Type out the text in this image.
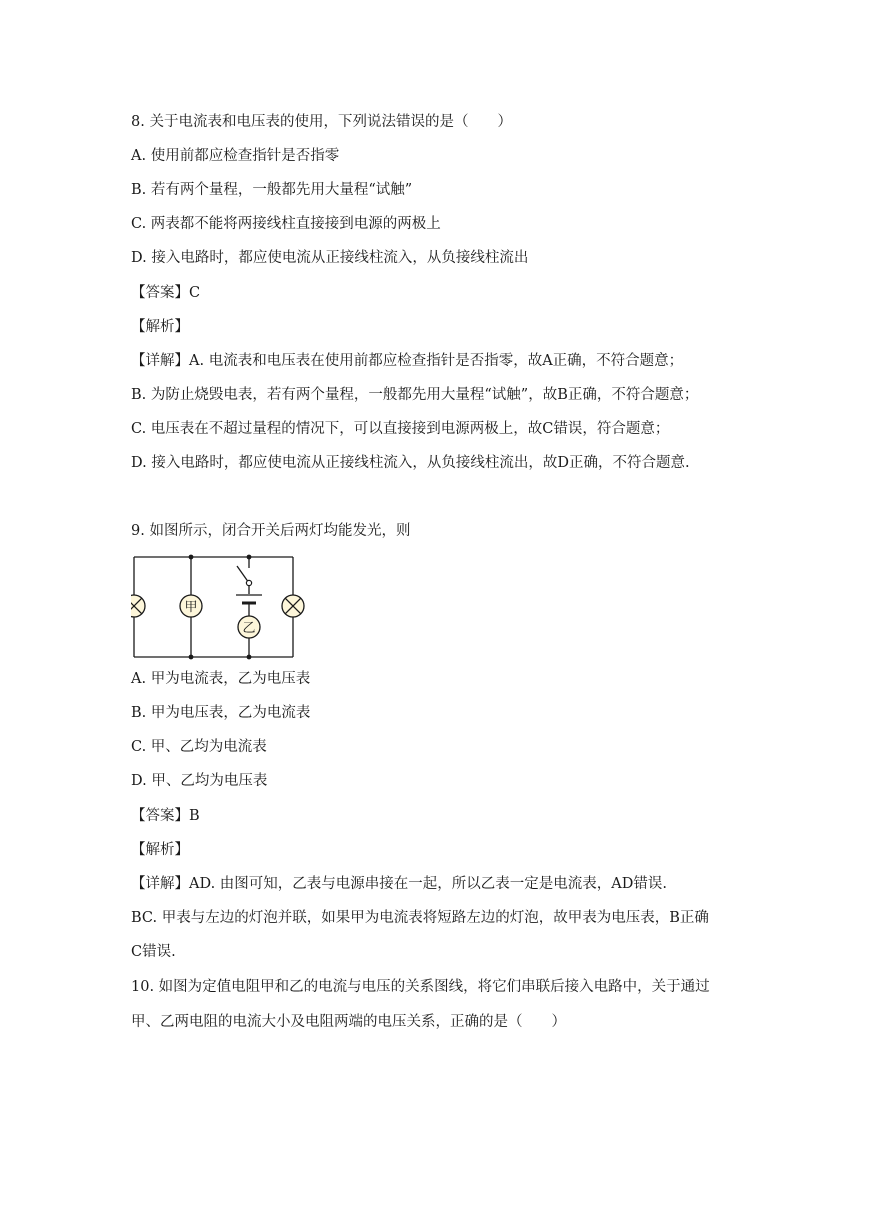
8. 关于电流表和电压表的使用，下列说法错误的是（　　）
A. 使用前都应检查指针是否指零
B. 若有两个量程，一般都先用大量程“试触”
C. 两表都不能将两接线柱直接接到电源的两极上
D. 接入电路时，都应使电流从正接线柱流入，从负接线柱流出
【答案】C
【解析】
【详解】A. 电流表和电压表在使用前都应检查指针是否指零，故A正确，不符合题意；
B. 为防止烧毁电表，若有两个量程，一般都先用大量程“试触”，故B正确，不符合题意；
C. 电压表在不超过量程的情况下，可以直接接到电源两极上，故C错误，符合题意；
D. 接入电路时，都应使电流从正接线柱流入，从负接线柱流出，故D正确，不符合题意.
9. 如图所示，闭合开关后两灯均能发光，则
甲
乙
A. 甲为电流表，乙为电压表
B. 甲为电压表，乙为电流表
C. 甲、乙均为电流表
D. 甲、乙均为电压表
【答案】B
【解析】
【详解】AD. 由图可知，乙表与电源串接在一起，所以乙表一定是电流表，AD错误.
BC. 甲表与左边的灯泡并联，如果甲为电流表将短路左边的灯泡，故甲表为电压表，B正确
C错误.
10. 如图为定值电阻甲和乙的电流与电压的关系图线，将它们串联后接入电路中，关于通过
甲、乙两电阻的电流大小及电阻两端的电压关系，正确的是（　　）
